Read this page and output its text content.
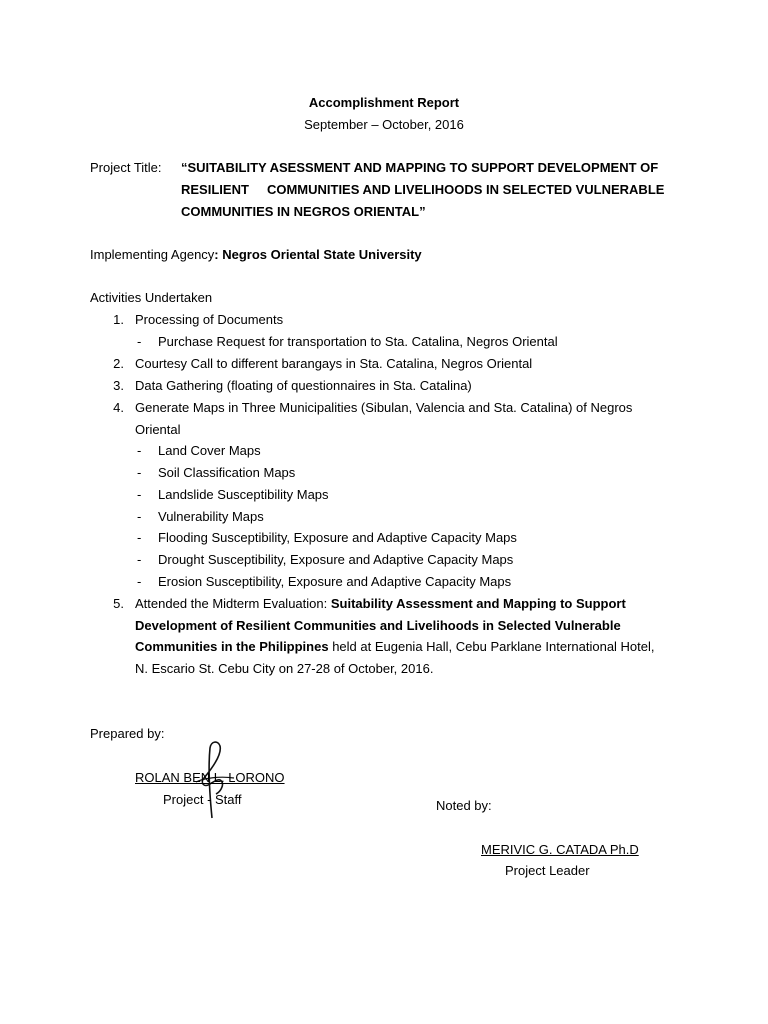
Accomplishment Report
September – October, 2016
Project Title: “SUITABILITY ASESSMENT AND MAPPING TO SUPPORT DEVELOPMENT OF
RESILIENT     COMMUNITIES AND LIVELIHOODS IN SELECTED VULNERABLE
COMMUNITIES IN NEGROS ORIENTAL”
Implementing Agency: Negros Oriental State University
Activities Undertaken
1. Processing of Documents
- Purchase Request for transportation to Sta. Catalina, Negros Oriental
2. Courtesy Call to different barangays in Sta. Catalina, Negros Oriental
3. Data Gathering (floating of questionnaires in Sta. Catalina)
4. Generate Maps in Three Municipalities (Sibulan, Valencia and Sta. Catalina) of Negros
Oriental
- Land Cover Maps
- Soil Classification Maps
- Landslide Susceptibility Maps
- Vulnerability Maps
- Flooding Susceptibility, Exposure and Adaptive Capacity Maps
- Drought Susceptibility, Exposure and Adaptive Capacity Maps
- Erosion Susceptibility, Exposure and Adaptive Capacity Maps
5. Attended the Midterm Evaluation: Suitability Assessment and Mapping to Support
Development of Resilient Communities and Livelihoods in Selected Vulnerable
Communities in the Philippines held at Eugenia Hall, Cebu Parklane International Hotel,
N. Escario St. Cebu City on 27-28 of October, 2016.
Prepared by:
ROLAN BEN L. LORONO
Project - Staff	Noted by:
MERIVIC G. CATADA Ph.D
Project Leader
